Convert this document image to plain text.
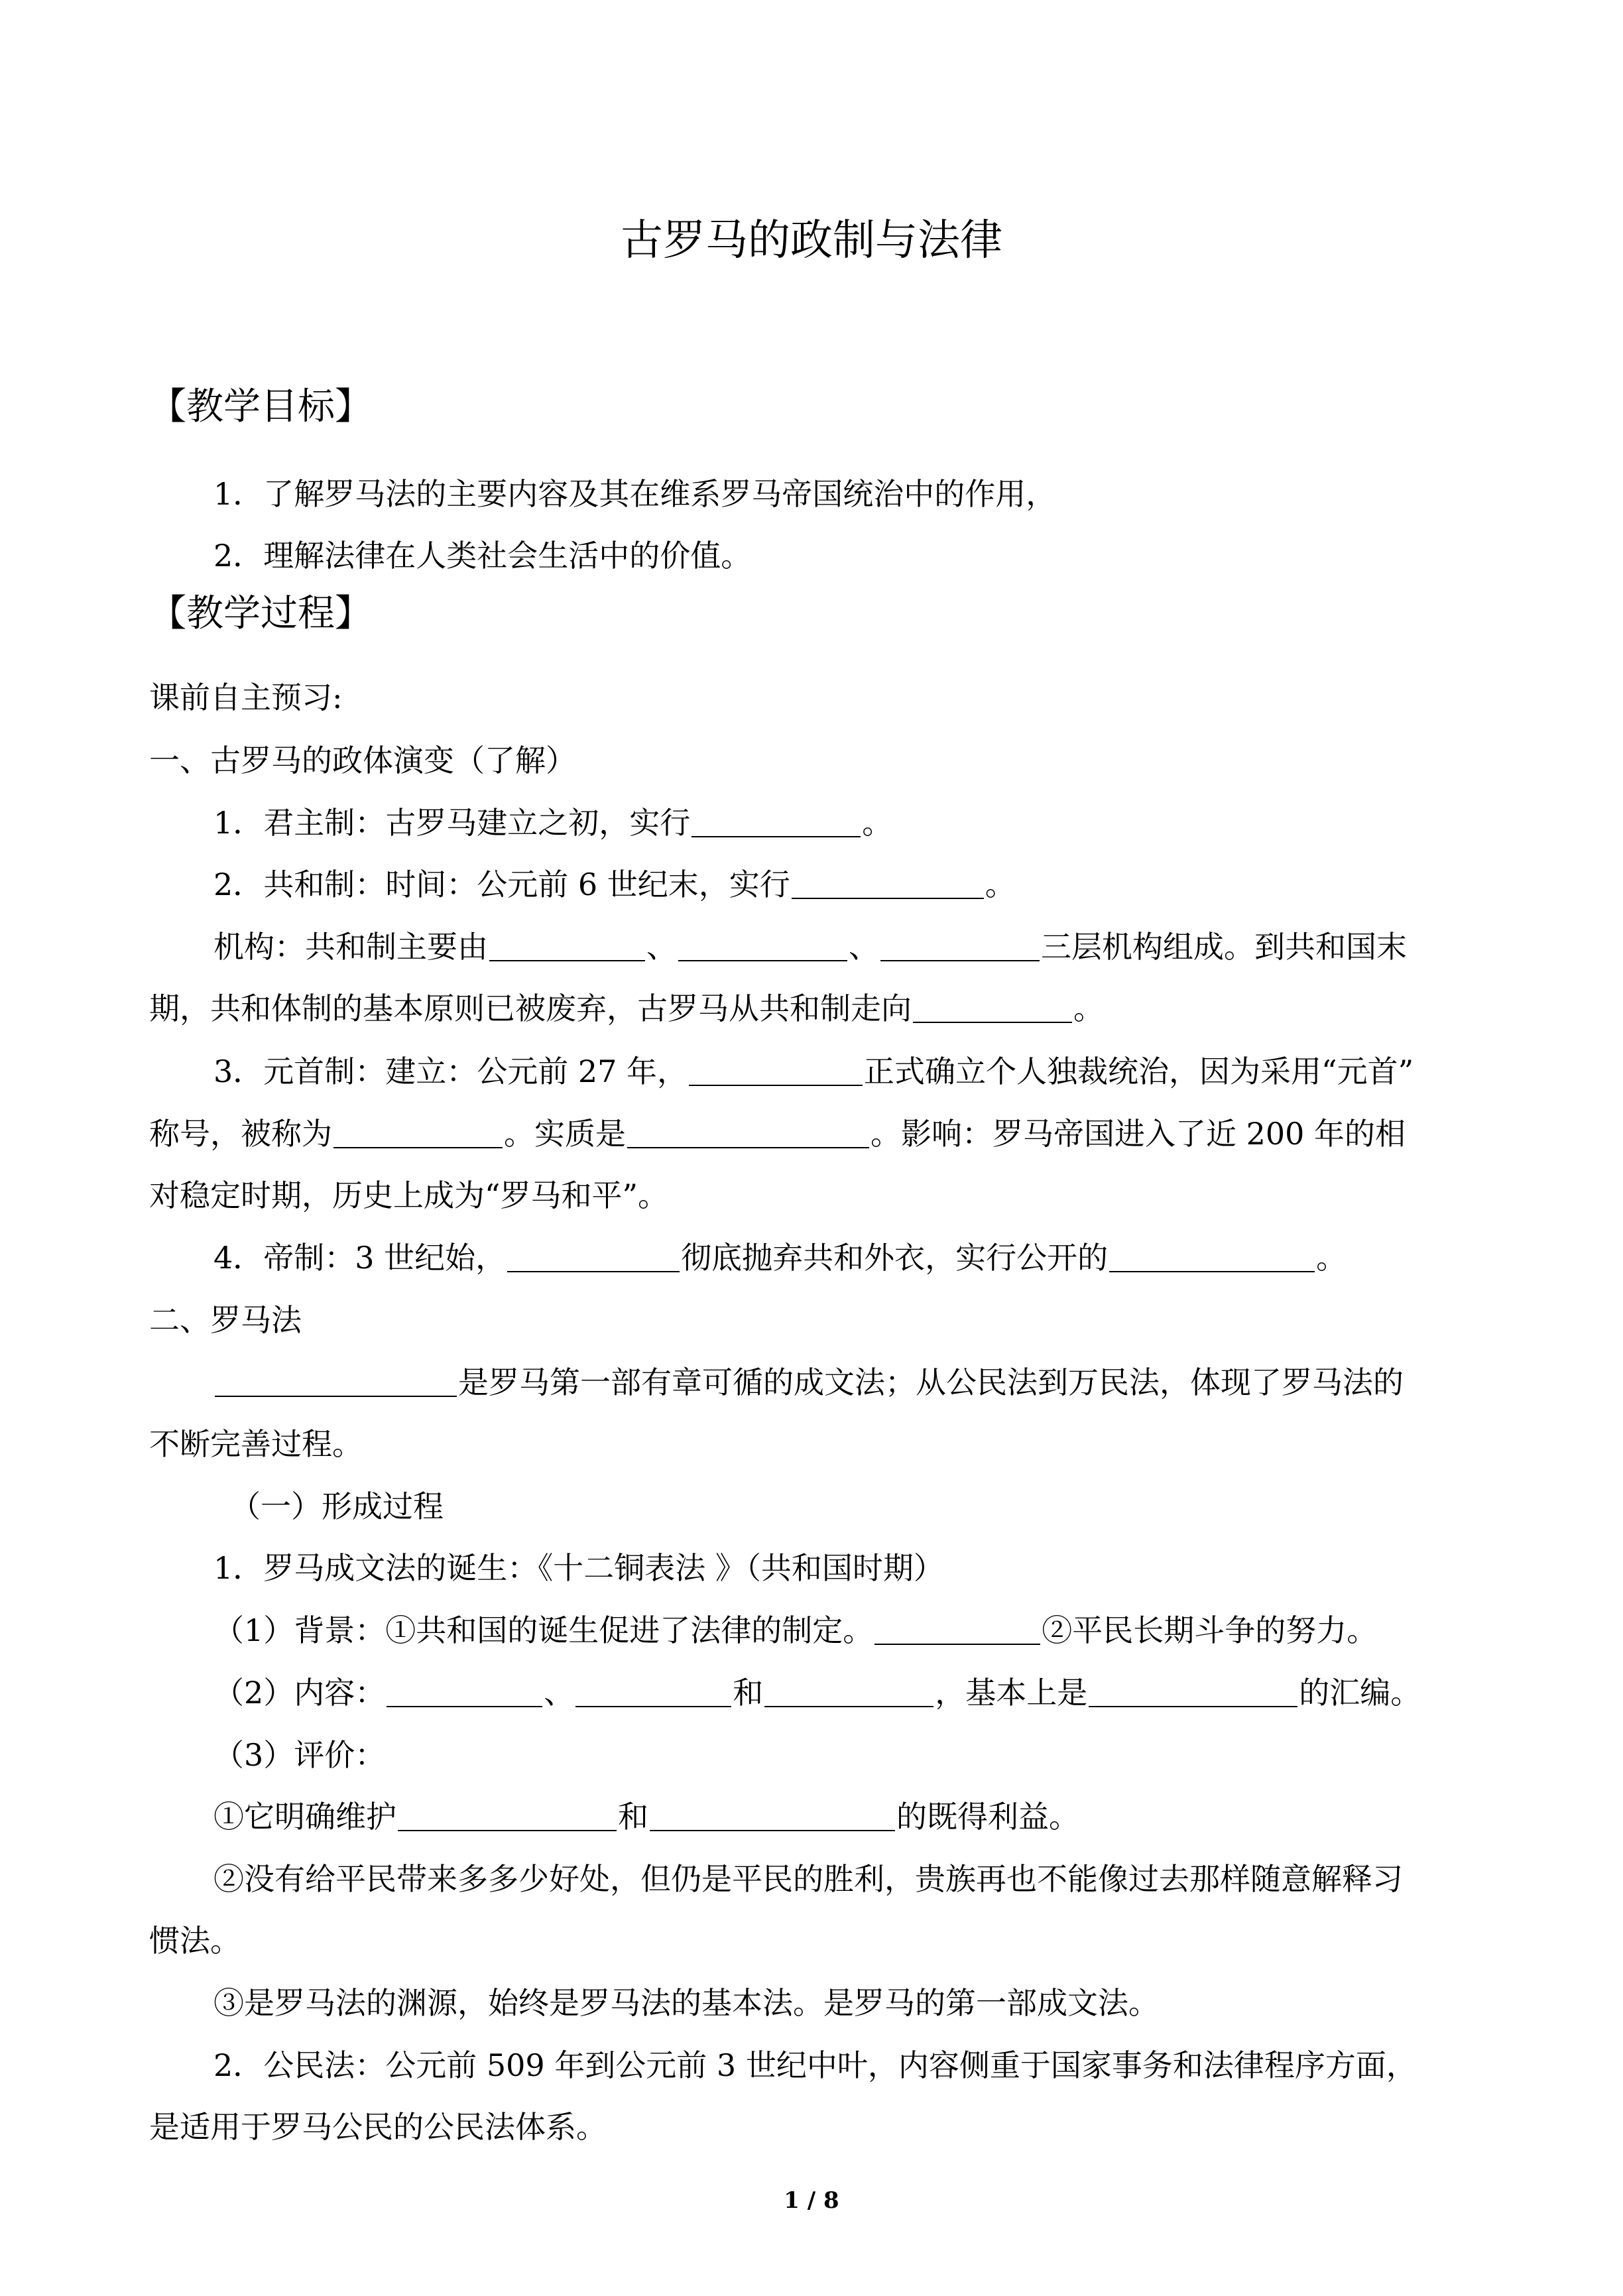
古罗马的政制与法律
【教学目标】
1．了解罗马法的主要内容及其在维系罗马帝国统治中的作用，
2．理解法律在人类社会生活中的价值。
【教学过程】
课前自主预习:
一、古罗马的政体演变（了解）
1．君主制：古罗马建立之初，实行	。
2．共和制：时间：公元前 6 世纪末，实行	。
机构：共和制主要由	、	、	三层机构组成。到共和国末
期，共和体制的基本原则已被废弃，古罗马从共和制走向	。
3．元首制：建立：公元前 27 年，	正式确立个人独裁统治，因为采用“元首”
称号，被称为	。实质是	。影响：罗马帝国进入了近 200 年的相
对稳定时期，历史上成为“罗马和平”。
4．帝制：3 世纪始，	彻底抛弃共和外衣，实行公开的	。
二、罗马法
是罗马第一部有章可循的成文法；从公民法到万民法，体现了罗马法的
不断完善过程。
（一）形成过程
1．罗马成文法的诞生：《十二铜表法 》（共和国时期）
（1）背景：①共和国的诞生促进了法律的制定。	②平民长期斗争的努力。
（2）内容：	、	和	，基本上是	的汇编。
（3）评价：
①它明确维护	和	的既得利益。
②没有给平民带来多多少好处，但仍是平民的胜利，贵族再也不能像过去那样随意解释习
惯法。
③是罗马法的渊源，始终是罗马法的基本法。是罗马的第一部成文法。
2．公民法：公元前 509 年到公元前 3 世纪中叶，内容侧重于国家事务和法律程序方面，
是适用于罗马公民的公民法体系。
1 / 8
